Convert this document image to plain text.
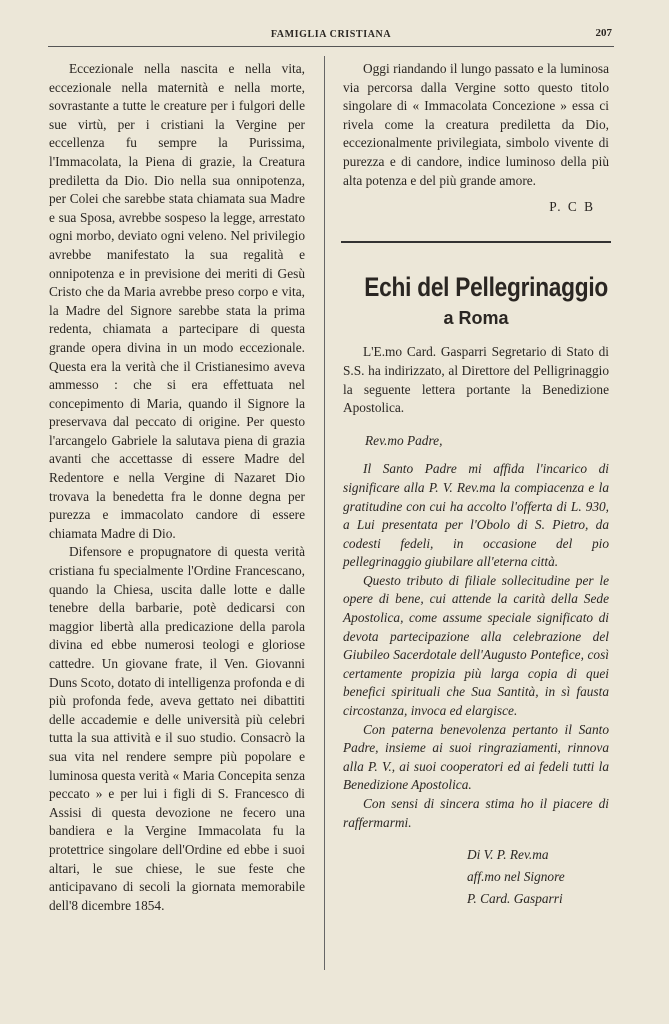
FAMIGLIA CRISTIANA	207

Eccezionale nella nascita e nella vita, eccezionale nella maternità e nella morte, sovrastante a tutte le creature per i fulgori delle sue virtù, per i cristiani la Vergine per eccellenza fu sempre la Purissima, l'Immacolata, la Piena di grazie, la Creatura prediletta da Dio. Dio nella sua onnipotenza, per Colei che sarebbe stata chiamata sua Madre e sua Sposa, avrebbe sospeso la legge, arrestato ogni morbo, deviato ogni veleno. Nel privilegio avrebbe manifestato la sua regalità e onnipotenza e in previsione dei meriti di Gesù Cristo che da Maria avrebbe preso corpo e vita, la Madre del Signore sarebbe stata la prima redenta, chiamata a partecipare di questa grande opera divina in un modo eccezionale. Questa era la verità che il Cristianesimo aveva ammesso : che si era effettuata nel concepimento di Maria, quando il Signore la preservava dal peccato di origine. Per questo l'arcangelo Gabriele la salutava piena di grazia avanti che accettasse di essere Madre del Redentore e nella Vergine di Nazaret Dio trovava la benedetta fra le donne degna per purezza e immacolato candore di essere chiamata Madre di Dio.

Difensore e propugnatore di questa verità cristiana fu specialmente l'Ordine Francescano, quando la Chiesa, uscita dalle lotte e dalle tenebre della barbarie, potè dedicarsi con maggior libertà alla predicazione della parola divina ed ebbe numerosi teologi e gloriose cattedre. Un giovane frate, il Ven. Giovanni Duns Scoto, dotato di intelligenza profonda e di più profonda fede, aveva gettato nei dibattiti delle accademie e delle università più celebri tutta la sua attività e il suo studio. Consacrò la sua vita nel rendere sempre più popolare e luminosa questa verità « Maria Concepita senza peccato » e per lui i figli di S. Francesco di Assisi di questa devozione ne fecero una bandiera e la Vergine Immacolata fu la protettrice singolare dell'Ordine ed ebbe i suoi altari, le sue chiese, le sue feste che anticipavano di secoli la giornata memorabile dell'8 dicembre 1854.

Oggi riandando il lungo passato e la luminosa via percorsa dalla Vergine sotto questo titolo singolare di « Immacolata Concezione » essa ci rivela come la creatura prediletta da Dio, eccezionalmente privilegiata, simbolo vivente di purezza e di candore, indice luminoso della più alta potenza e del più grande amore.

P. C B

Echi del Pellegrinaggio
a Roma

L'E.mo Card. Gasparri Segretario di Stato di S.S. ha indirizzato, al Direttore del Pelligrinaggio la seguente lettera portante la Benedizione Apostolica.

Rev.mo Padre,

Il Santo Padre mi affida l'incarico di significare alla P. V. Rev.ma la compiacenza e la gratitudine con cui ha accolto l'offerta di L. 930, a Lui presentata per l'Obolo di S. Pietro, da codesti fedeli, in occasione del pio pellegrinaggio giubilare all'eterna città.

Questo tributo di filiale sollecitudine per le opere di bene, cui attende la carità della Sede Apostolica, come assume speciale significato di devota partecipazione alla celebrazione del Giubileo Sacerdotale dell'Augusto Pontefice, così certamente propizia più larga copia di quei benefici spirituali che Sua Santità, in sì fausta circostanza, invoca ed elargisce.

Con paterna benevolenza pertanto il Santo Padre, insieme ai suoi ringraziamenti, rinnova alla P. V., ai suoi cooperatori ed ai fedeli tutti la Benedizione Apostolica.

Con sensi di sincera stima ho il piacere di raffermarmi.

Di V. P. Rev.ma
aff.mo nel Signore
P. Card. Gasparri
